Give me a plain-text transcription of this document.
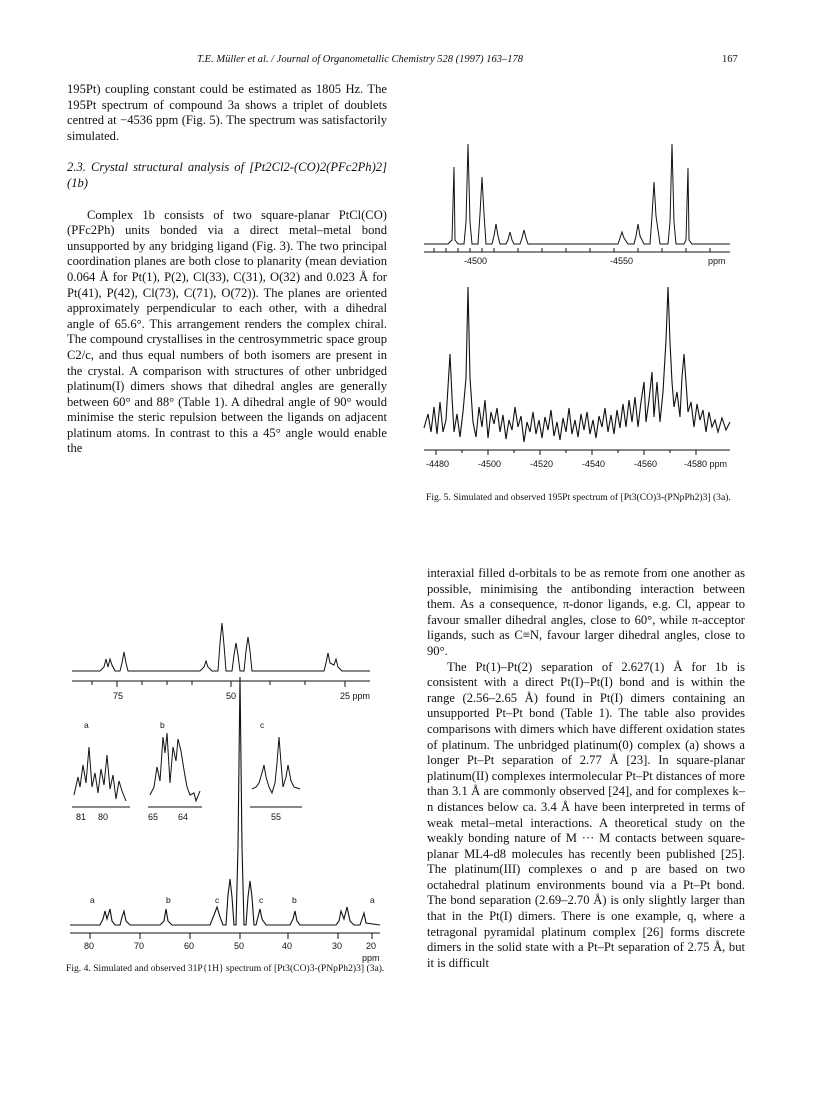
T.E. Müller et al. / Journal of Organometallic Chemistry 528 (1997) 163–178	167

195Pt) coupling constant could be estimated as 1805 Hz. The 195Pt spectrum of compound 3a shows a triplet of doublets centred at −4536 ppm (Fig. 5). The spectrum was satisfactorily simulated.

2.3. Crystal structural analysis of [Pt2Cl2-(CO)2(PFc2Ph)2] (1b)

Complex 1b consists of two square-planar PtCl(CO)(PFc2Ph) units bonded via a direct metal–metal bond unsupported by any bridging ligand (Fig. 3). The two principal coordination planes are both close to planarity (mean deviation 0.064 Å for Pt(1), P(2), Cl(33), C(31), O(32) and 0.023 Å for Pt(41), P(42), Cl(73), C(71), O(72)). The planes are oriented approximately perpendicular to each other, with a dihedral angle of 65.6°. This arrangement renders the complex chiral. The compound crystallises in the centrosymmetric space group C2/c, and thus equal numbers of both isomers are present in the crystal. A comparison with structures of other unbridged platinum(I) dimers shows that dihedral angles are generally between 60° and 88° (Table 1). A dihedral angle of 90° would minimise the steric repulsion between the ligands on adjacent platinum atoms. In contrast to this a 45° angle would enable the

interaxial filled d-orbitals to be as remote from one another as possible, minimising the antibonding interaction between them. As a consequence, π-donor ligands, e.g. Cl, appear to favour smaller dihedral angles, close to 60°, while π-acceptor ligands, such as C≡N, favour larger dihedral angles, close to 90°.

The Pt(1)–Pt(2) separation of 2.627(1) Å for 1b is consistent with a direct Pt(I)–Pt(I) bond and is within the range (2.56–2.65 Å) found in Pt(I) dimers containing an unsupported Pt–Pt bond (Table 1). The table also provides comparisons with dimers which have different oxidation states of platinum. The unbridged platinum(0) complex (a) shows a longer Pt–Pt separation of 2.77 Å [23]. In square-planar platinum(II) complexes intermolecular Pt–Pt distances of more than 3.1 Å are commonly observed [24], and for complexes k–n distances below ca. 3.4 Å have been interpreted in terms of weak metal–metal interactions. A theoretical study on the weakly bonding nature of M ··· M contacts between square-planar ML4-d8 molecules has recently been published [25]. The platinum(III) complexes o and p are based on two octahedral platinum environments bound via a Pt–Pt bond. The bond separation (2.69–2.70 Å) is only slightly larger than that in the Pt(I) dimers. There is one example, q, where a tetragonal pyramidal platinum complex [26] forms discrete dimers in the solid state with a Pt–Pt separation of 2.75 Å, but it is difficult

-4500	-4550	ppm
-4480	-4500	-4520	-4540	-4560	-4580 ppm
Fig. 5. Simulated and observed 195Pt spectrum of [Pt3(CO)3-(PNpPh2)3] (3a).
75	50	25 ppm
a	b	c
81 80	65 64	55
a	b	c	c	b	a
80	70	60	50	40	30	20
ppm
Fig. 4. Simulated and observed 31P{1H} spectrum of [Pt3(CO)3-(PNpPh2)3] (3a).
